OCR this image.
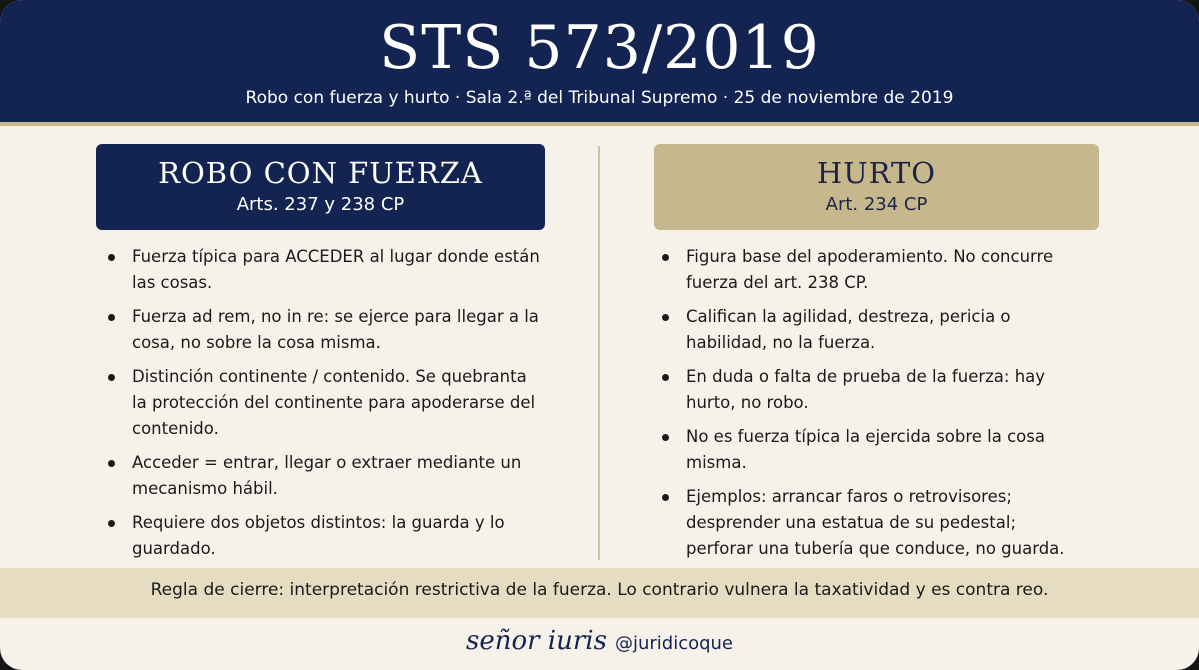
STS 573/2019
Robo con fuerza y hurto · Sala 2.ª del Tribunal Supremo · 25 de noviembre de 2019
ROBO CON FUERZA
Arts. 237 y 238 CP
HURTO
Art. 234 CP
Fuerza típica para ACCEDER al lugar donde están las cosas.
Fuerza ad rem, no in re: se ejerce para llegar a la cosa, no sobre la cosa misma.
Distinción continente / contenido. Se quebranta la protección del continente para apoderarse del contenido.
Acceder = entrar, llegar o extraer mediante un mecanismo hábil.
Requiere dos objetos distintos: la guarda y lo guardado.
Figura base del apoderamiento. No concurre fuerza del art. 238 CP.
Califican la agilidad, destreza, pericia o habilidad, no la fuerza.
En duda o falta de prueba de la fuerza: hay hurto, no robo.
No es fuerza típica la ejercida sobre la cosa misma.
Ejemplos: arrancar faros o retrovisores; desprender una estatua de su pedestal; perforar una tubería que conduce, no guarda.
Regla de cierre: interpretación restrictiva de la fuerza. Lo contrario vulnera la taxatividad y es contra reo.
señor iuris @juridicoque
